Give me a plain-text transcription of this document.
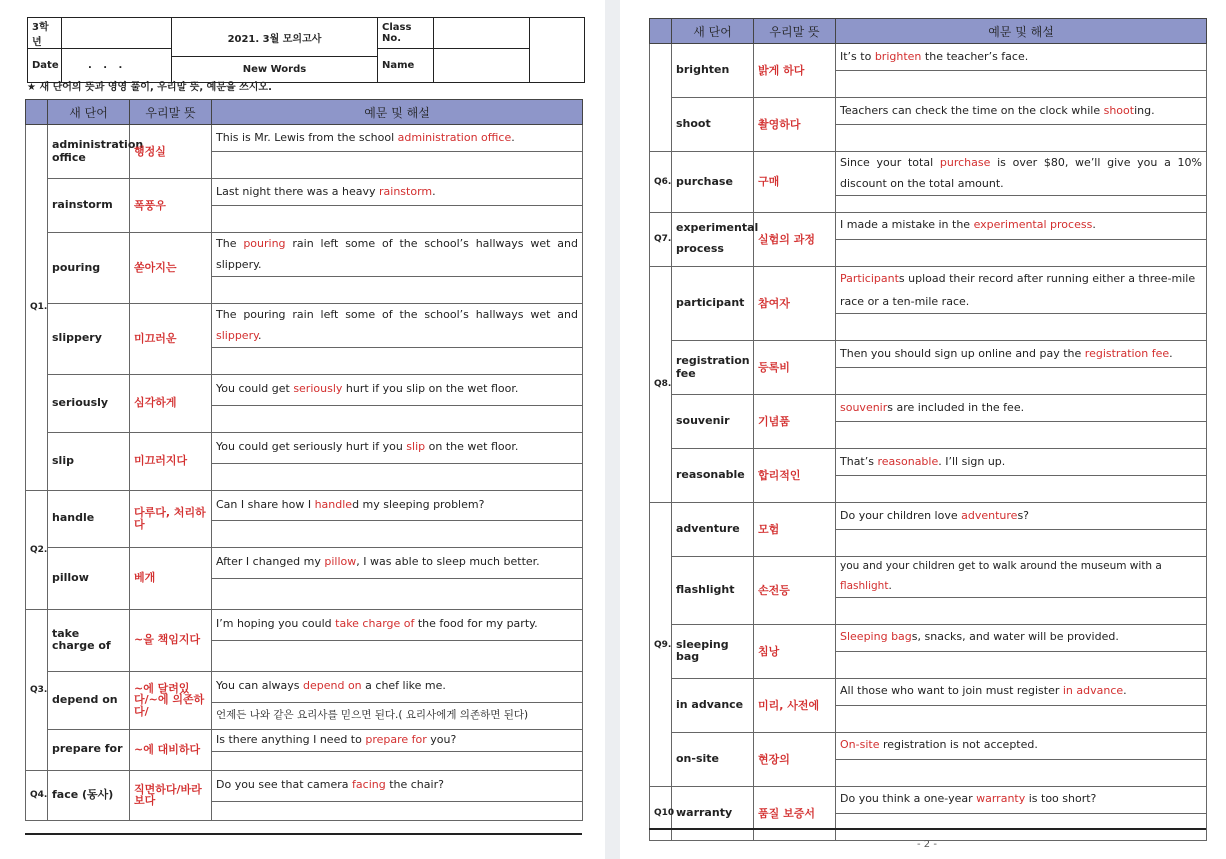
3학년		2021. 3월 모의고사	Class No.		
Date	. . .		Name		
		New Words			
★ 새 단어의 뜻과 영영 풀이, 우리말 뜻, 예문을 쓰시오.
	새 단어	우리말 뜻	예문 및 해설
Q1.	administration office	행정실	This is Mr. Lewis from the school administration office.

	rainstorm	폭풍우	Last night there was a heavy rainstorm.

	pouring	쏟아지는	The pouring rain left some of the school’s hallways wet and slippery.

	slippery	미끄러운	The pouring rain left some of the school’s hallways wet and slippery.

	seriously	심각하게	You could get seriously hurt if you slip on the wet floor.

	slip	미끄러지다	You could get seriously hurt if you slip on the wet floor.

Q2.	handle	다루다, 처리하다	Can I share how I handled my sleeping problem?

	pillow	베개	After I changed my pillow, I was able to sleep much better.

Q3.	take charge of	~을 책임지다	I’m hoping you could take charge of the food for my party.

	depend on	~에 달려있다/~에 의존하다/	You can always depend on a chef like me.
			언제든 나와 같은 요리사를 믿으면 된다.( 요리사에게 의존하면 된다)
	prepare for	~에 대비하다	Is there anything I need to prepare for you?

Q4.	face (동사)	직면하다/바라보다	Do you see that camera facing the chair?

	새 단어	우리말 뜻	예문 및 해설
	brighten	밝게 하다	It’s to brighten the teacher’s face.

	shoot	촬영하다	Teachers can check the time on the clock while shooting.

Q6.	purchase	구매	Since your total purchase is over $80, we’ll give you a 10% discount on the total amount.

Q7.	experimental process	실험의 과정	I made a mistake in the experimental process.

Q8.	participant	참여자	Participants upload their record after running either a three-mile race or a ten-mile race.

	registration fee	등록비	Then you should sign up online and pay the registration fee.

	souvenir	기념품	souvenirs are included in the fee.

	reasonable	합리적인	That’s reasonable. I’ll sign up.

Q9.	adventure	모험	Do your children love adventures?

	flashlight	손전등	you and your children get to walk around the museum with a flashlight.

	sleeping bag	침낭	Sleeping bags, snacks, and water will be provided.

	in advance	미리, 사전에	All those who want to join must register in advance.

	on-site	현장의	On-site registration is not accepted.

Q10	warranty	품질 보증서	Do you think a one-year warranty is too short?

- 2 -
